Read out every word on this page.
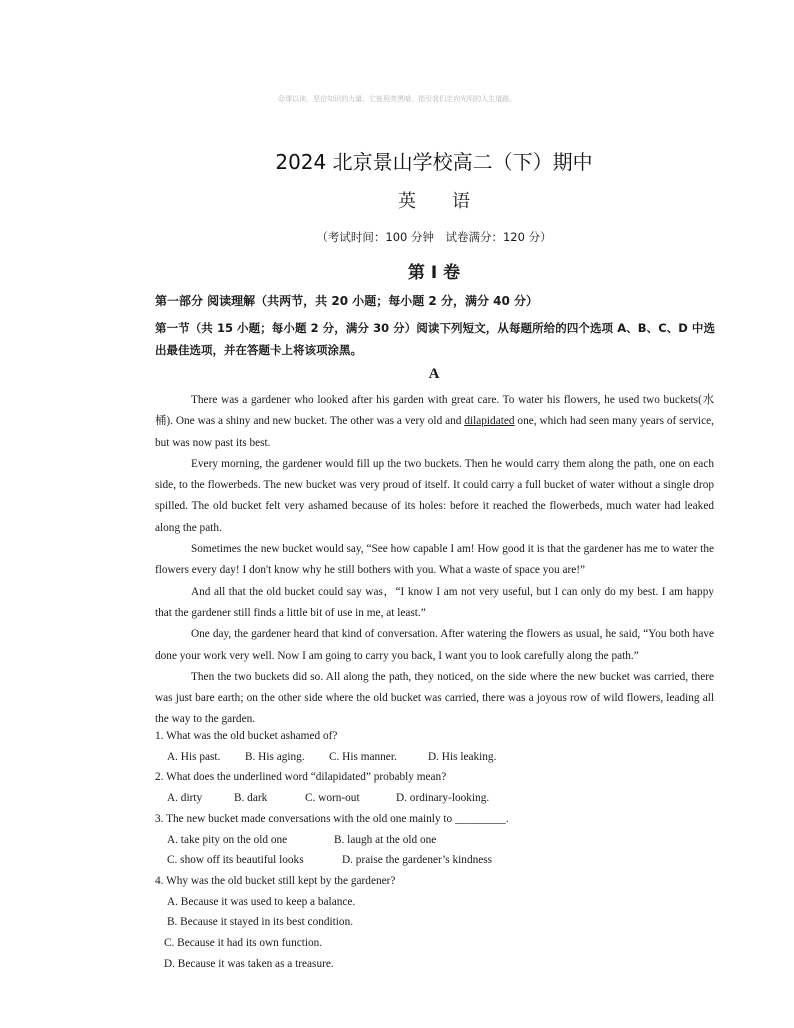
☺课以读，坚信知识的力量，它能照亮黑暗，指引我们走向光明的人生道路。
2024 北京景山学校高二（下）期中
英 语
（考试时间：100 分钟　试卷满分：120 分）
第 I 卷
第一部分 阅读理解（共两节，共 20 小题；每小题 2 分，满分 40 分）
第一节（共 15 小题；每小题 2 分，满分 30 分）阅读下列短文，从每题所给的四个选项 A、B、C、D 中选出最佳选项，并在答题卡上将该项涂黑。
A

There was a gardener who looked after his garden with great care. To water his flowers, he used two buckets(水桶). One was a shiny and new bucket. The other was a very old and dilapidated one, which had seen many years of service, but was now past its best.

Every morning, the gardener would fill up the two buckets. Then he would carry them along the path, one on each side, to the flowerbeds. The new bucket was very proud of itself. It could carry a full bucket of water without a single drop spilled. The old bucket felt very ashamed because of its holes: before it reached the flowerbeds, much water had leaked along the path.

Sometimes the new bucket would say, “See how capable I am! How good it is that the gardener has me to water the flowers every day! I don't know why he still bothers with you. What a waste of space you are!”

And all that the old bucket could say was，“I know I am not very useful, but I can only do my best. I am happy that the gardener still finds a little bit of use in me, at least.”

One day, the gardener heard that kind of conversation. After watering the flowers as usual, he said, “You both have done your work very well. Now I am going to carry you back, I want you to look carefully along the path.”

Then the two buckets did so. All along the path, they noticed, on the side where the new bucket was carried, there was just bare earth; on the other side where the old bucket was carried, there was a joyous row of wild flowers, leading all the way to the garden.

1. What was the old bucket ashamed of?

A. His past. B. His aging. C. His manner.	D. His leaking.

2. What does the underlined word “dilapidated” probably mean?

A. dirty	B. dark	C. worn-out	D. ordinary-looking.

3. The new bucket made conversations with the old one mainly to _________.

A. take pity on the old one	B. laugh at the old one

C. show off its beautiful looks	D. praise the gardener’s kindness

4. Why was the old bucket still kept by the gardener?

A. Because it was used to keep a balance.

B. Because it stayed in its best condition.

C. Because it had its own function.

D. Because it was taken as a treasure.
